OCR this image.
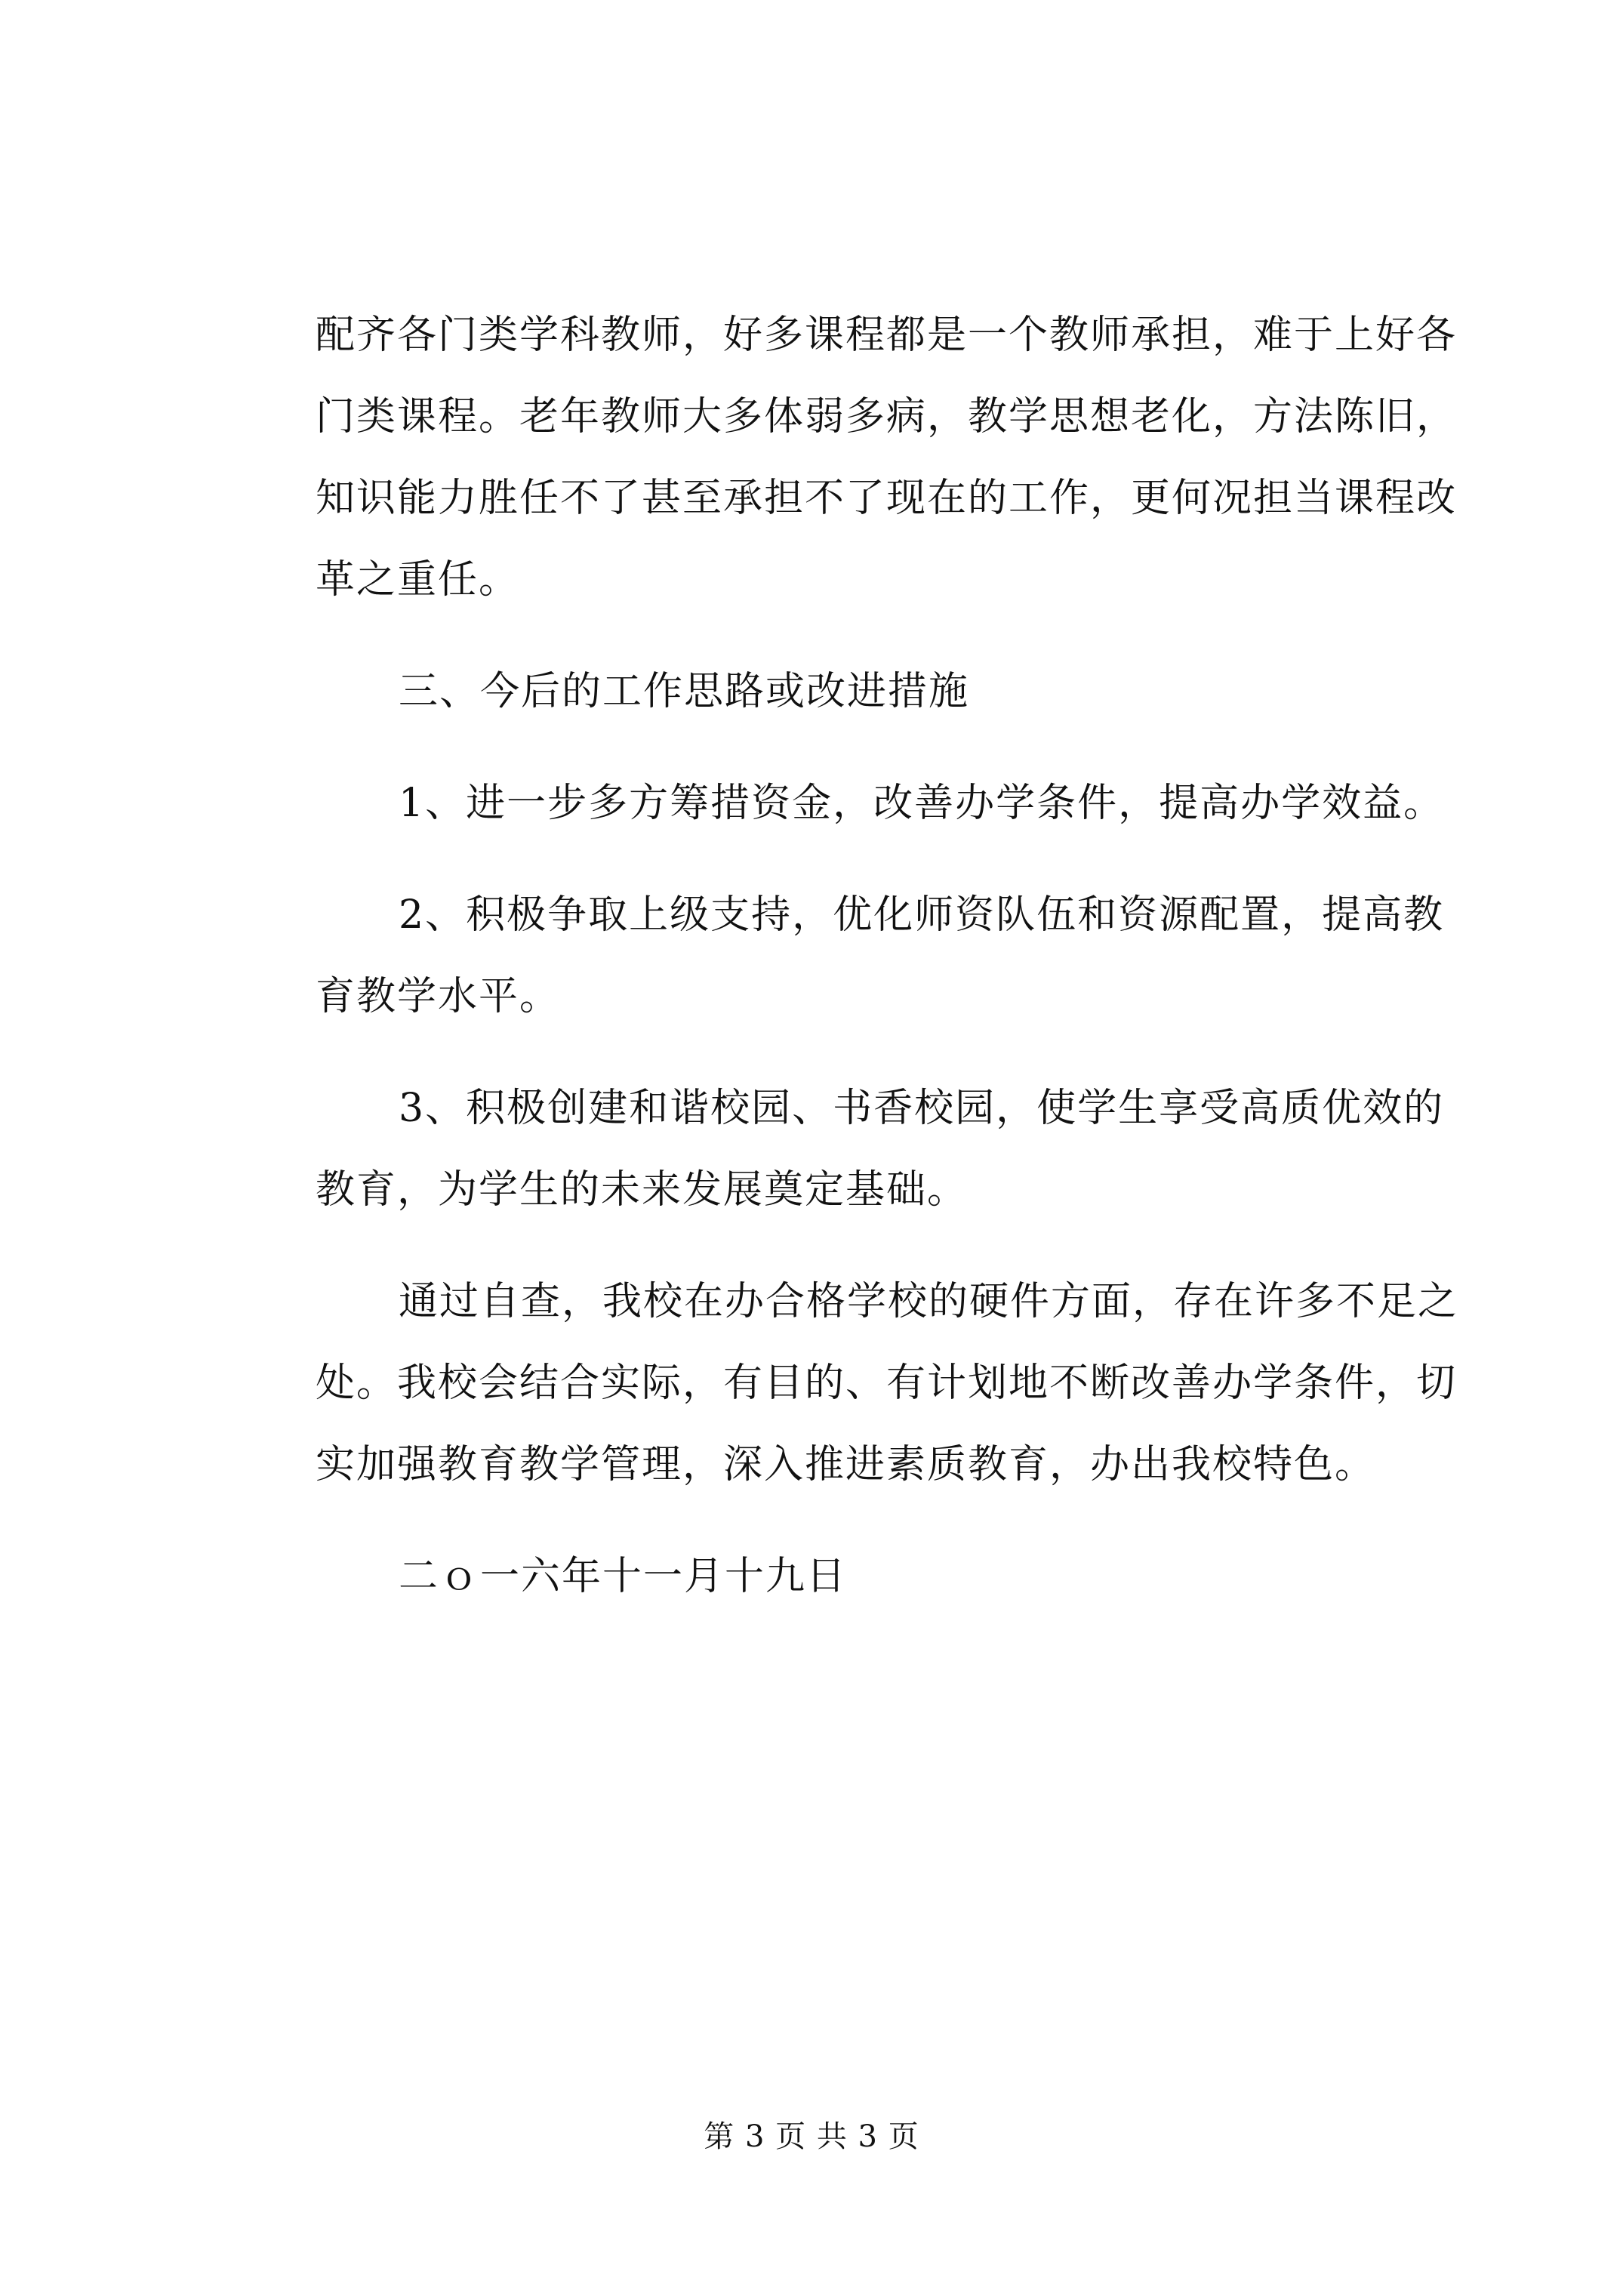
配齐各门类学科教师，好多课程都是一个教师承担，难于上好各
门类课程。老年教师大多体弱多病，教学思想老化，方法陈旧，
知识能力胜任不了甚至承担不了现在的工作，更何况担当课程改
革之重任。
三、今后的工作思路或改进措施
1、进一步多方筹措资金，改善办学条件，提高办学效益。
2、积极争取上级支持，优化师资队伍和资源配置，提高教
育教学水平。
3、积极创建和谐校园、书香校园，使学生享受高质优效的
教育，为学生的未来发展奠定基础。
通过自查，我校在办合格学校的硬件方面，存在许多不足之
处。我校会结合实际，有目的、有计划地不断改善办学条件，切
实加强教育教学管理，深入推进素质教育，办出我校特色。
二ｏ一六年十一月十九日
第 3 页 共 3 页
